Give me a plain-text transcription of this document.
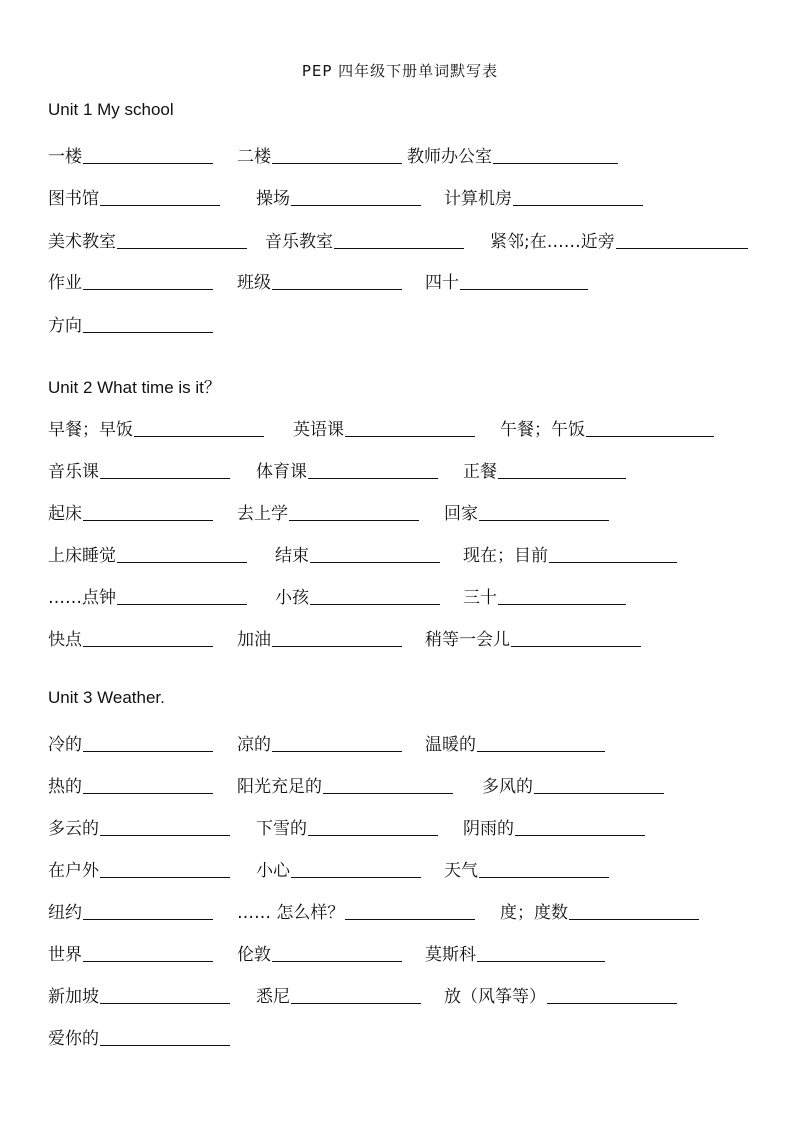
PEP 四年级下册单词默写表
Unit 1 My school
一楼	二楼	教师办公室
图书馆	操场	计算机房
美术教室	音乐教室	紧邻;在……近旁
作业	班级	四十
方向
Unit 2 What time is it？
早餐；早饭	英语课	午餐；午饭
音乐课	体育课	正餐
起床	去上学	回家
上床睡觉	结束	现在；目前
……点钟	小孩	三十
快点	加油	稍等一会儿
Unit 3 Weather.
冷的	凉的	温暖的
热的	阳光充足的	多风的
多云的	下雪的	阴雨的
在户外	小心	天气
纽约	…… 怎么样？	度；度数
世界	伦敦	莫斯科
新加坡	悉尼	放（风筝等）
爱你的
